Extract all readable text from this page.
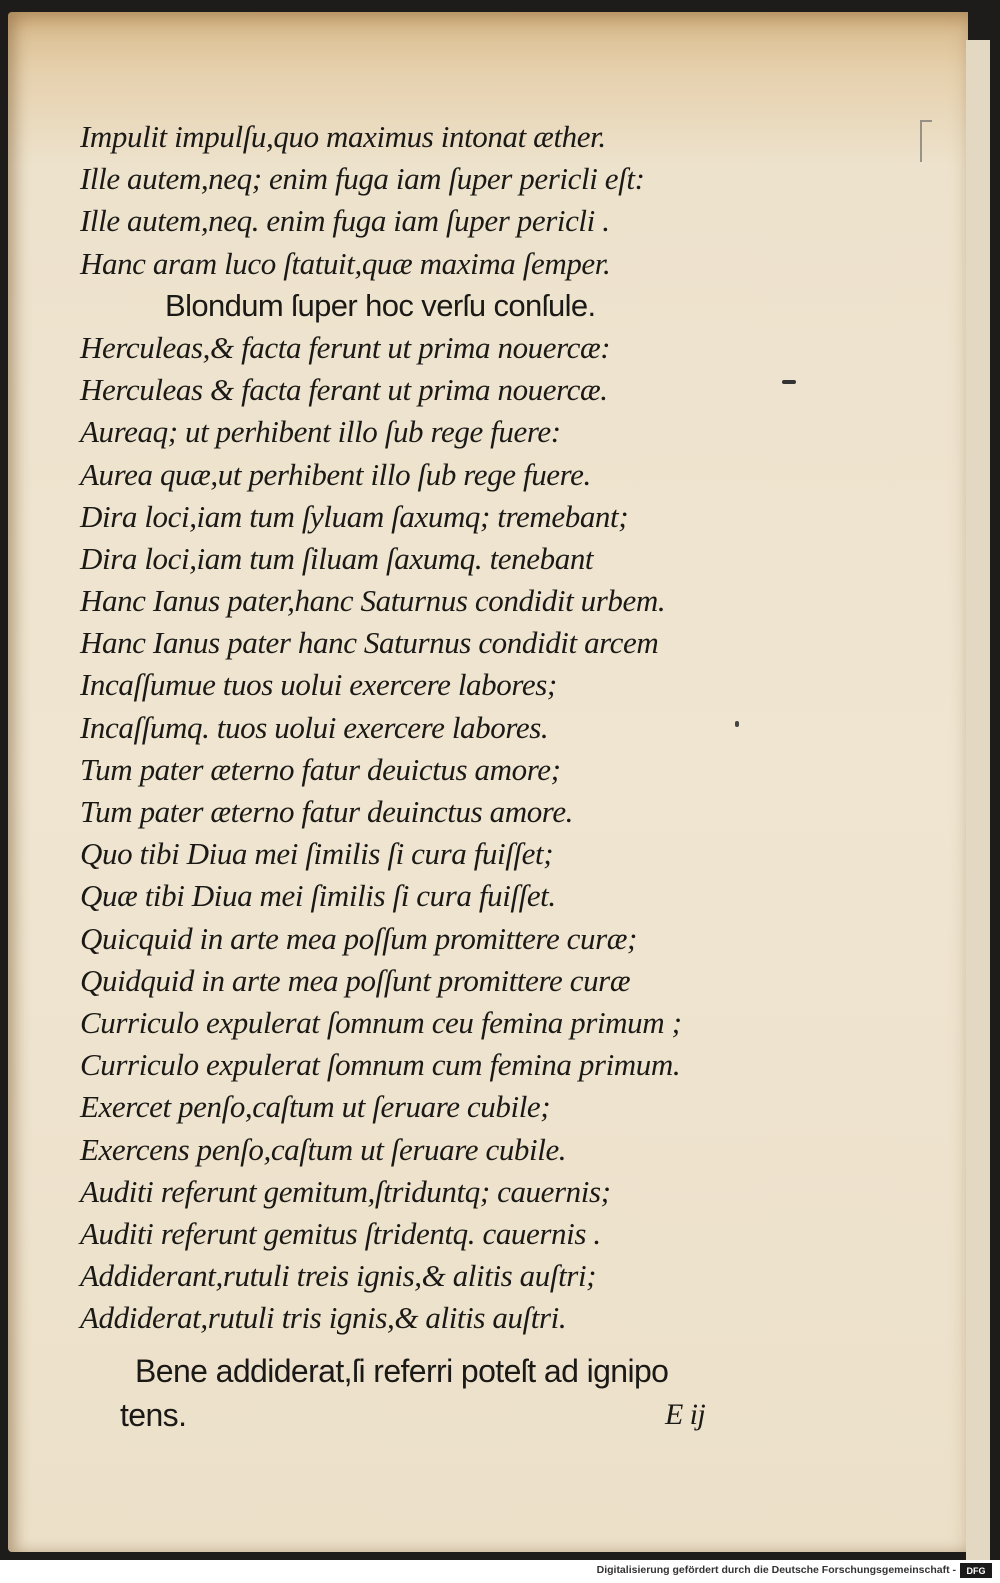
Impulit impulſu,quo maximus intonat æther.
Ille autem,neq; enim fuga iam ſuper pericli eſt:
Ille autem,neq. enim fuga iam ſuper pericli .
Hanc aram luco ſtatuit,quæ maxima ſemper.
Blondum ſuper hoc verſu conſule.
Herculeas,& facta ferunt ut prima nouercæ:
Herculeas & facta ferant ut prima nouercæ.
Aureaq; ut perhibent illo ſub rege fuere:
Aurea quæ,ut perhibent illo ſub rege fuere.
Dira loci,iam tum ſyluam ſaxumq; tremebant;
Dira loci,iam tum ſiluam ſaxumq. tenebant
Hanc Ianus pater,hanc Saturnus condidit urbem.
Hanc Ianus pater hanc Saturnus condidit arcem
Incaſſumue tuos uolui exercere labores;
Incaſſumq. tuos uolui exercere labores.
Tum pater æterno fatur deuictus amore;
Tum pater æterno fatur deuinctus amore.
Quo tibi Diua mei ſimilis ſi cura fuiſſet;
Quæ tibi Diua mei ſimilis ſi cura fuiſſet.
Quicquid in arte mea poſſum promittere curæ;
Quidquid in arte mea poſſunt promittere curæ
Curriculo expulerat ſomnum ceu femina primum ;
Curriculo expulerat ſomnum cum femina primum.
Exercet penſo,caſtum ut ſeruare cubile;
Exercens penſo,caſtum ut ſeruare cubile.
Auditi referunt gemitum,ſtriduntq; cauernis;
Auditi referunt gemitus ſtridentq. cauernis .
Addiderant,rutuli treis ignis,& alitis auſtri;
Addiderat,rutuli tris ignis,& alitis auſtri.
Bene addiderat,ſi referri poteſt ad ignipo
tens.	E ij
Digitalisierung gefördert durch die Deutsche Forschungsgemeinschaft -	DFG
